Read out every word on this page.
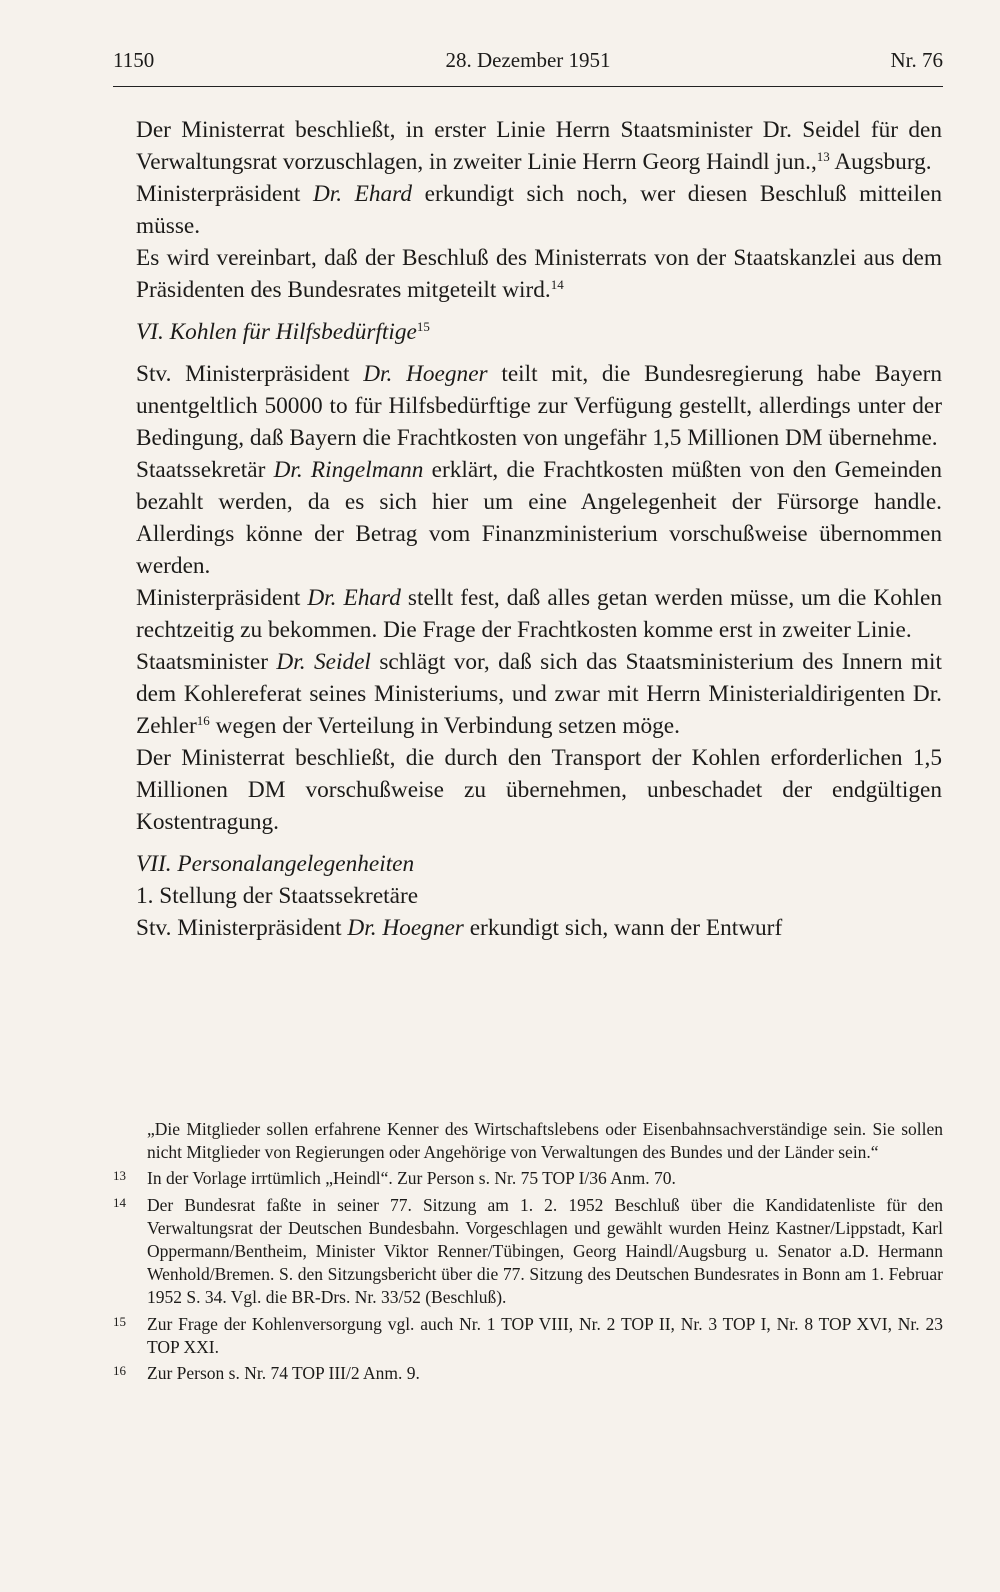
1150	28. Dezember 1951	Nr. 76

Der Ministerrat beschließt, in erster Linie Herrn Staatsminister Dr. Seidel für den Verwaltungsrat vorzuschlagen, in zweiter Linie Herrn Georg Haindl jun.,$^{13}$ Augsburg.

Ministerpräsident Dr. Ehard erkundigt sich noch, wer diesen Beschluß mitteilen müsse.

Es wird vereinbart, daß der Beschluß des Ministerrats von der Staatskanzlei aus dem Präsidenten des Bundesrates mitgeteilt wird.$^{14}$

VI. Kohlen für Hilfsbedürftige$^{15}$

Stv. Ministerpräsident Dr. Hoegner teilt mit, die Bundesregierung habe Bayern unentgeltlich 50000 to für Hilfsbedürftige zur Verfügung gestellt, allerdings unter der Bedingung, daß Bayern die Frachtkosten von ungefähr 1,5 Millionen DM übernehme.

Staatssekretär Dr. Ringelmann erklärt, die Frachtkosten müßten von den Gemeinden bezahlt werden, da es sich hier um eine Angelegenheit der Fürsorge handle. Allerdings könne der Betrag vom Finanzministerium vorschußweise übernommen werden.

Ministerpräsident Dr. Ehard stellt fest, daß alles getan werden müsse, um die Kohlen rechtzeitig zu bekommen. Die Frage der Frachtkosten komme erst in zweiter Linie.

Staatsminister Dr. Seidel schlägt vor, daß sich das Staatsministerium des Innern mit dem Kohlereferat seines Ministeriums, und zwar mit Herrn Ministerialdirigenten Dr. Zehler$^{16}$ wegen der Verteilung in Verbindung setzen möge.

Der Ministerrat beschließt, die durch den Transport der Kohlen erforderlichen 1,5 Millionen DM vorschußweise zu übernehmen, unbeschadet der endgültigen Kostentragung.

VII. Personalangelegenheiten
1. Stellung der Staatssekretäre

Stv. Ministerpräsident Dr. Hoegner erkundigt sich, wann der Entwurf

„Die Mitglieder sollen erfahrene Kenner des Wirtschaftslebens oder Eisenbahnsachverständige sein. Sie sollen nicht Mitglieder von Regierungen oder Angehörige von Verwaltungen des Bundes und der Länder sein.“

13 In der Vorlage irrtümlich „Heindl“. Zur Person s. Nr. 75 TOP I/36 Anm. 70.
14 Der Bundesrat faßte in seiner 77. Sitzung am 1. 2. 1952 Beschluß über die Kandidatenliste für den Verwaltungsrat der Deutschen Bundesbahn. Vorgeschlagen und gewählt wurden Heinz Kastner/Lippstadt, Karl Oppermann/Bentheim, Minister Viktor Renner/Tübingen, Georg Haindl/Augsburg u. Senator a.D. Hermann Wenhold/Bremen. S. den Sitzungsbericht über die 77. Sitzung des Deutschen Bundesrates in Bonn am 1. Februar 1952 S. 34. Vgl. die BR-Drs. Nr. 33/52 (Beschluß).
15 Zur Frage der Kohlenversorgung vgl. auch Nr. 1 TOP VIII, Nr. 2 TOP II, Nr. 3 TOP I, Nr. 8 TOP XVI, Nr. 23 TOP XXI.
16 Zur Person s. Nr. 74 TOP III/2 Anm. 9.
